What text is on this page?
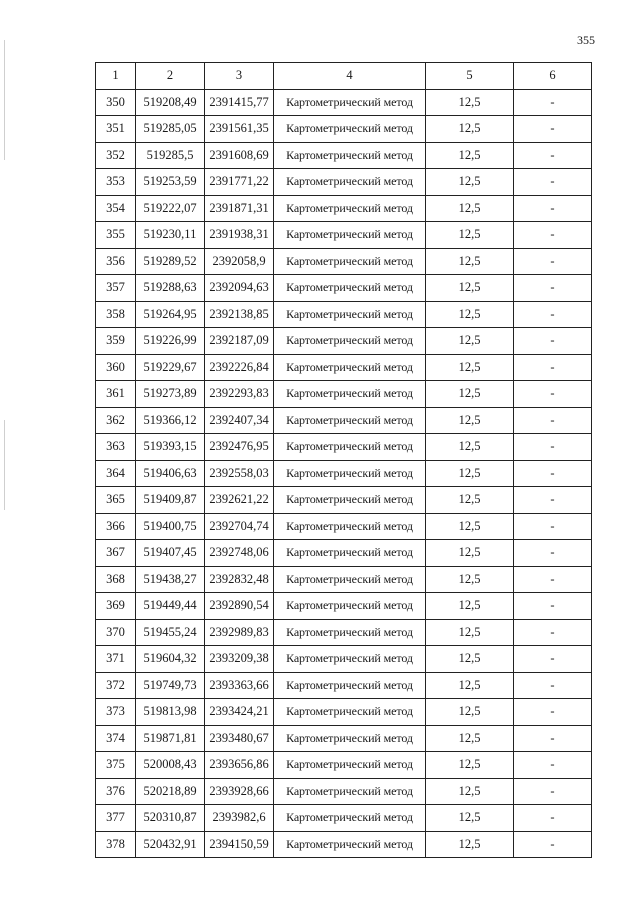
355
1	2	3	4	5	6
350	519208,49	2391415,77	Картометрический метод	12,5	-
351	519285,05	2391561,35	Картометрический метод	12,5	-
352	519285,5	2391608,69	Картометрический метод	12,5	-
353	519253,59	2391771,22	Картометрический метод	12,5	-
354	519222,07	2391871,31	Картометрический метод	12,5	-
355	519230,11	2391938,31	Картометрический метод	12,5	-
356	519289,52	2392058,9	Картометрический метод	12,5	-
357	519288,63	2392094,63	Картометрический метод	12,5	-
358	519264,95	2392138,85	Картометрический метод	12,5	-
359	519226,99	2392187,09	Картометрический метод	12,5	-
360	519229,67	2392226,84	Картометрический метод	12,5	-
361	519273,89	2392293,83	Картометрический метод	12,5	-
362	519366,12	2392407,34	Картометрический метод	12,5	-
363	519393,15	2392476,95	Картометрический метод	12,5	-
364	519406,63	2392558,03	Картометрический метод	12,5	-
365	519409,87	2392621,22	Картометрический метод	12,5	-
366	519400,75	2392704,74	Картометрический метод	12,5	-
367	519407,45	2392748,06	Картометрический метод	12,5	-
368	519438,27	2392832,48	Картометрический метод	12,5	-
369	519449,44	2392890,54	Картометрический метод	12,5	-
370	519455,24	2392989,83	Картометрический метод	12,5	-
371	519604,32	2393209,38	Картометрический метод	12,5	-
372	519749,73	2393363,66	Картометрический метод	12,5	-
373	519813,98	2393424,21	Картометрический метод	12,5	-
374	519871,81	2393480,67	Картометрический метод	12,5	-
375	520008,43	2393656,86	Картометрический метод	12,5	-
376	520218,89	2393928,66	Картометрический метод	12,5	-
377	520310,87	2393982,6	Картометрический метод	12,5	-
378	520432,91	2394150,59	Картометрический метод	12,5	-
